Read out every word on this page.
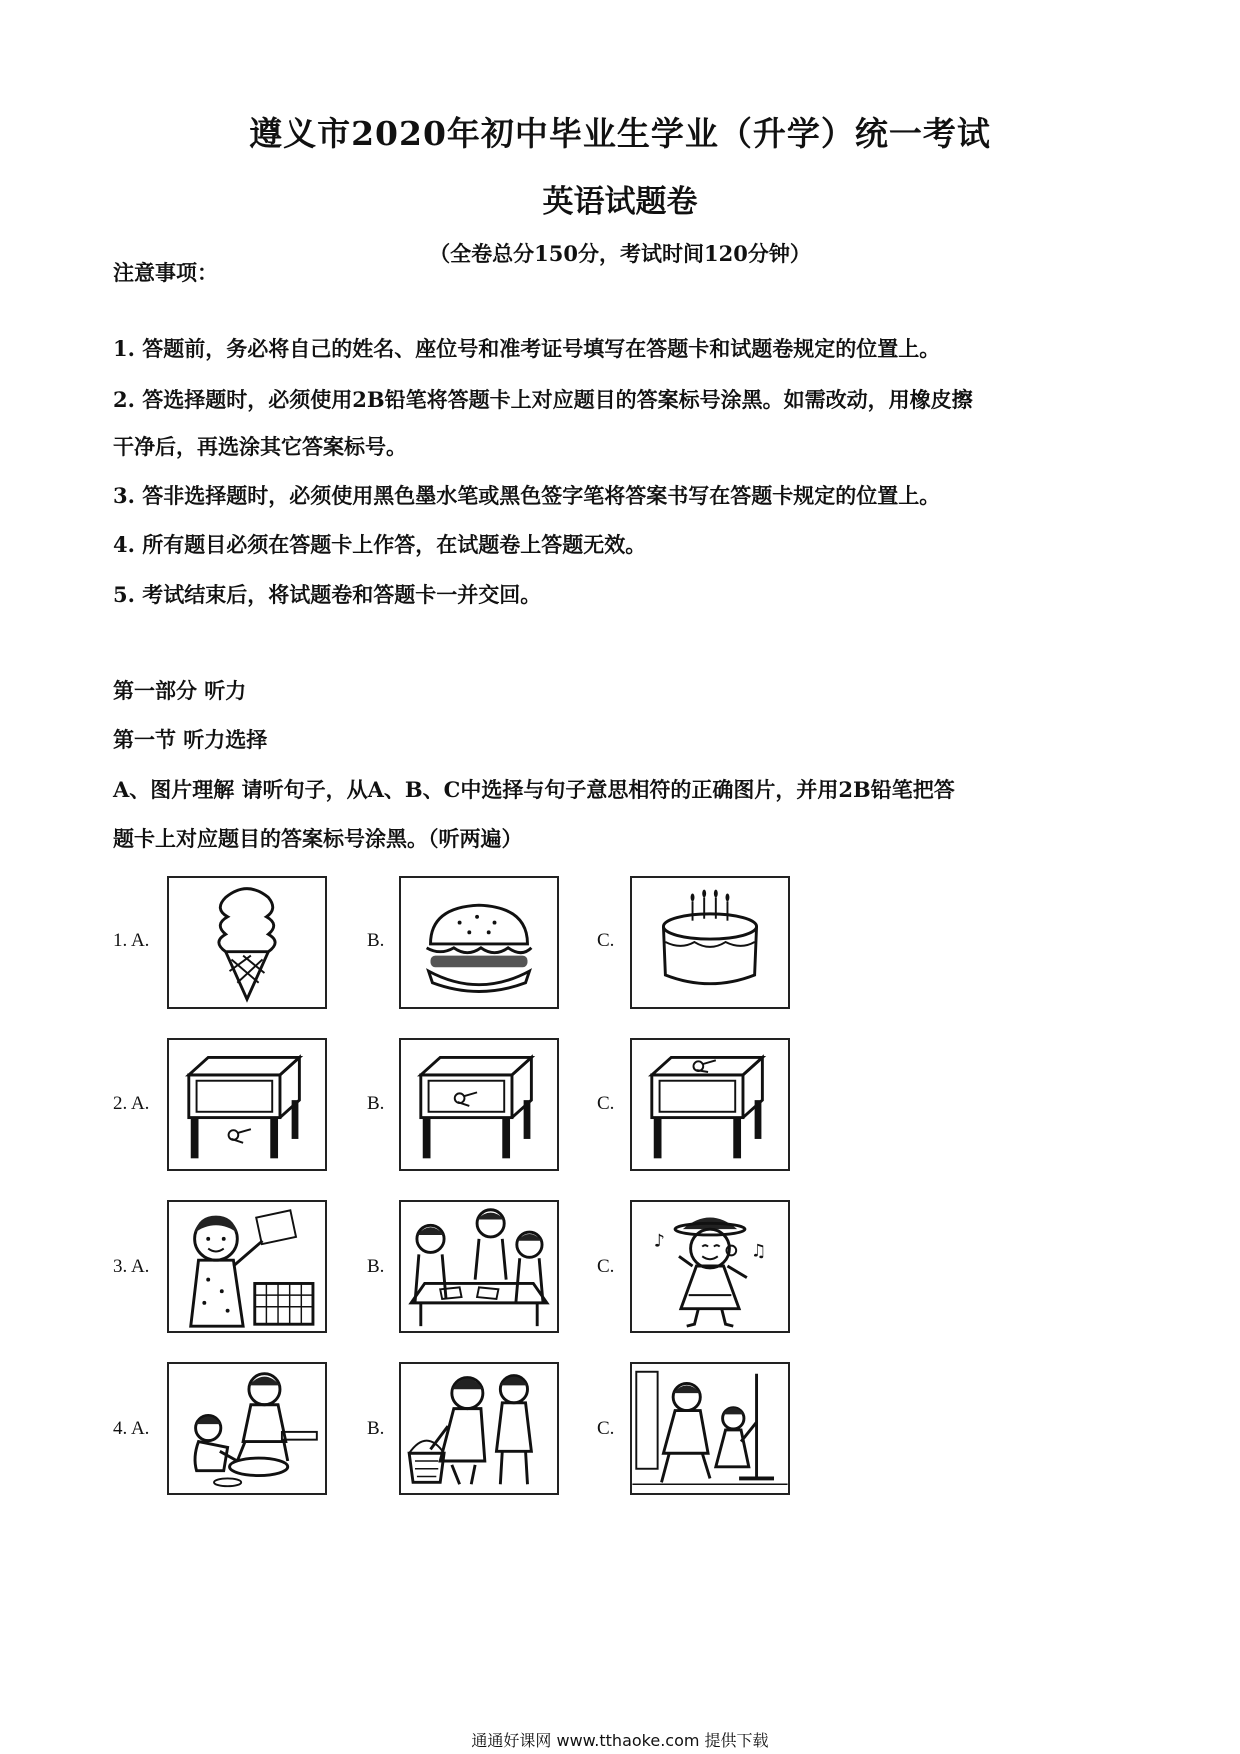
遵义市2020年初中毕业生学业（升学）统一考试
英语试题卷
（全卷总分150分，考试时间120分钟）
注意事项：
1. 答题前，务必将自己的姓名、座位号和准考证号填写在答题卡和试题卷规定的位置上。
2. 答选择题时，必须使用2B铅笔将答题卡上对应题目的答案标号涂黑。如需改动，用橡皮擦
干净后，再选涂其它答案标号。
3. 答非选择题时，必须使用黑色墨水笔或黑色签字笔将答案书写在答题卡规定的位置上。
4. 所有题目必须在答题卡上作答，在试题卷上答题无效。
5. 考试结束后，将试题卷和答题卡一并交回。
第一部分 听力
第一节 听力选择
A、图片理解 请听句子，从A、B、C中选择与句子意思相符的正确图片，并用2B铅笔把答
题卡上对应题目的答案标号涂黑。（听两遍）
1. A.	B.	C.
2. A.	B.	C.
3. A.	B.	C.
♪	♫
4. A.	B.	C.
通通好课网 www.tthaoke.com 提供下载
